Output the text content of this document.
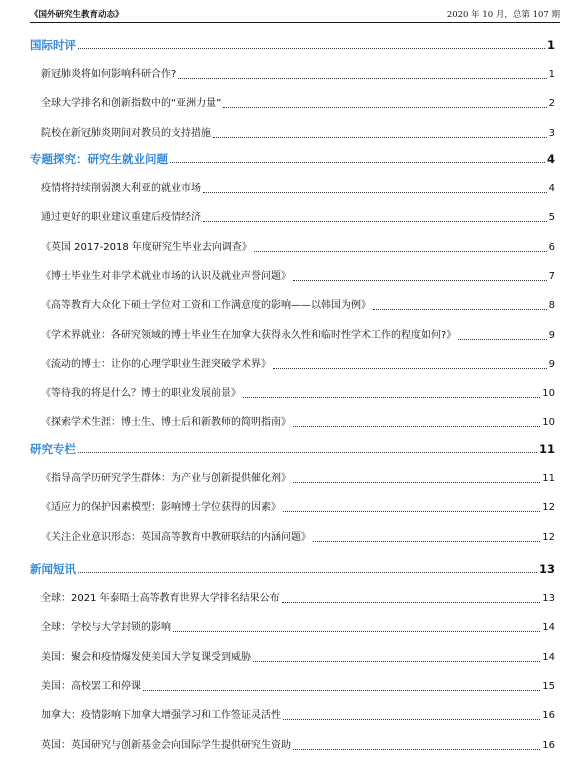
《国外研究生教育动态》	2020 年 10 月，总第 107 期
国际时评	1
新冠肺炎将如何影响科研合作?	1
全球大学排名和创新指数中的“亚洲力量”	2
院校在新冠肺炎期间对教员的支持措施	3
专题探究：研究生就业问题	4
疫情将持续削弱澳大利亚的就业市场	4
通过更好的职业建议重建后疫情经济	5
《英国 2017-2018 年度研究生毕业去向调查》	6
《博士毕业生对非学术就业市场的认识及就业声誉问题》	7
《高等教育大众化下硕士学位对工资和工作满意度的影响——以韩国为例》	8
《学术界就业：各研究领域的博士毕业生在加拿大获得永久性和临时性学术工作的程度如何?》	9
《流动的博士：让你的心理学职业生涯突破学术界》	9
《等待我的将是什么？博士的职业发展前景》	10
《探索学术生涯：博士生、博士后和新教师的简明指南》	10
研究专栏	11
《指导高学历研究学生群体：为产业与创新提供催化剂》	11
《适应力的保护因素模型：影响博士学位获得的因素》	12
《关注企业意识形态：英国高等教育中教研联结的内涵问题》	12
新闻短讯	13
全球：2021 年泰晤士高等教育世界大学排名结果公布	13
全球：学校与大学封锁的影响	14
美国：聚会和疫情爆发使美国大学复课受到威胁	14
美国：高校罢工和停课	15
加拿大：疫情影响下加拿大增强学习和工作签证灵活性	16
英国：英国研究与创新基金会向国际学生提供研究生资助	16
